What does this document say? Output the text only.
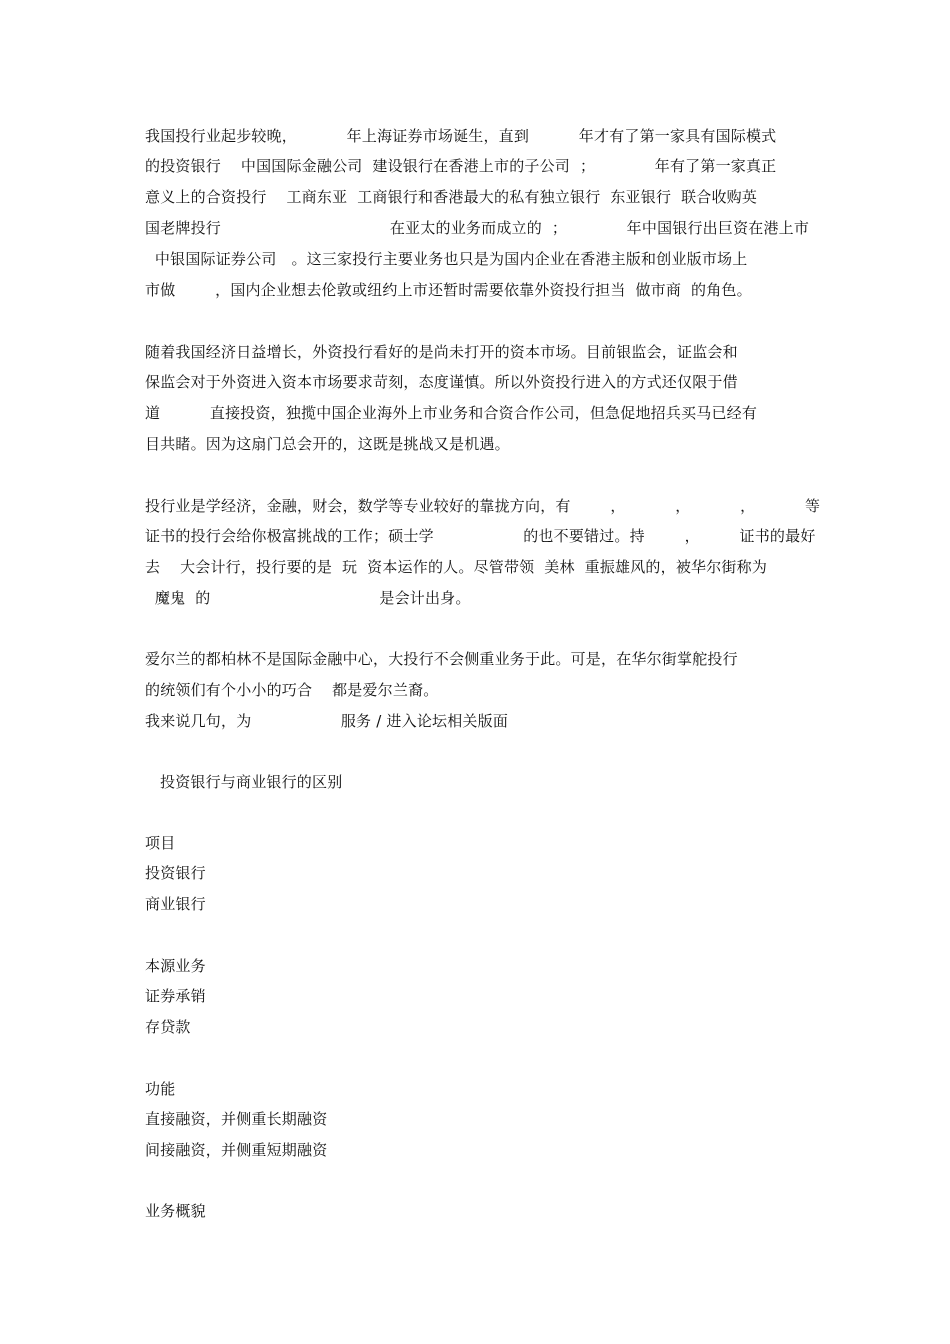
我国投行业起步较晚，          年上海证券市场诞生，直到          年才有了第一家具有国际模式
的投资银行    中国国际金融公司  建设银行在香港上市的子公司  ；            年有了第一家真正
意义上的合资投行    工商东亚  工商银行和香港最大的私有独立银行  东亚银行  联合收购英
国老牌投行                                  在亚太的业务而成立的  ；            年中国银行出巨资在港上市
中银国际证券公司   。这三家投行主要业务也只是为国内企业在香港主版和创业版市场上
市做        ，国内企业想去伦敦或纽约上市还暂时需要依靠外资投行担当  做市商  的角色。
随着我国经济日益增长，外资投行看好的是尚未打开的资本市场。目前银监会，证监会和
保监会对于外资进入资本市场要求苛刻，态度谨慎。所以外资投行进入的方式还仅限于借
道          直接投资，独揽中国企业海外上市业务和合资合作公司，但急促地招兵买马已经有
目共睹。因为这扇门总会开的，这既是挑战又是机遇。
投行业是学经济，金融，财会，数学等专业较好的靠拢方向，有        ，          ，          ，          等
证书的投行会给你极富挑战的工作；硕士学                  的也不要错过。持        ，        证书的最好
去    大会计行，投行要的是  玩  资本运作的人。尽管带领  美林  重振雄风的，被华尔街称为
魔鬼  的                                  是会计出身。
爱尔兰的都柏林不是国际金融中心，大投行不会侧重业务于此。可是，在华尔街掌舵投行
的统领们有个小小的巧合    都是爱尔兰裔。
我来说几句，为                  服务 / 进入论坛相关版面
投资银行与商业银行的区别
项目
投资银行
商业银行
本源业务
证券承销
存贷款
功能
直接融资，并侧重长期融资
间接融资，并侧重短期融资
业务概貌
